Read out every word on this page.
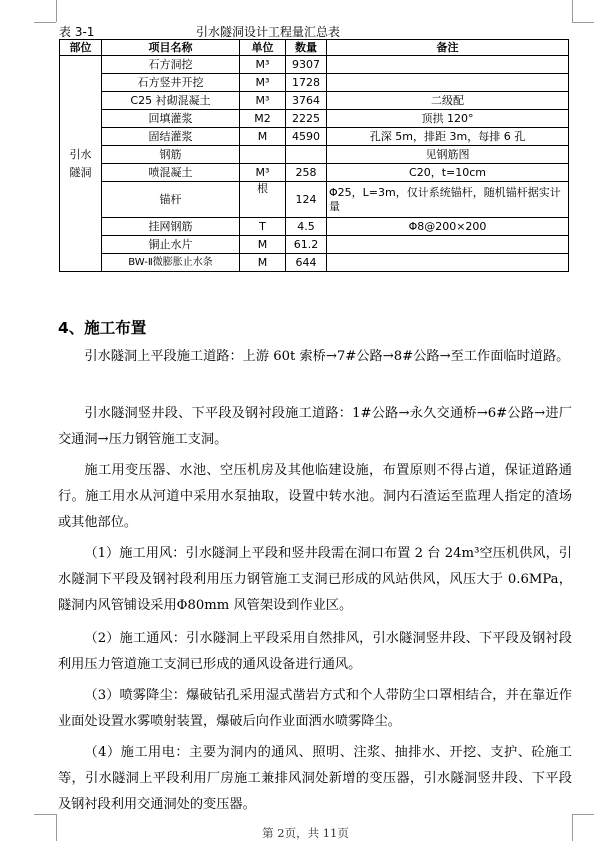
表 3-1	引水隧洞设计工程量汇总表
部位	项目名称	单位	数量	备注
引水隧洞	石方洞挖	M³	9307	
	石方竖井开挖	M³	1728	
	C25 衬砌混凝土	M³	3764	二级配
	回填灌浆	M2	2225	顶拱 120°
	固结灌浆	M	4590	孔深 5m，排距 3m，每排 6 孔
	钢筋			见钢筋图
	喷混凝土	M³	258	C20，t=10cm
	锚杆	根	124	Φ25，L=3m，仅计系统锚杆，随机锚杆据实计量
	挂网钢筋	T	4.5	Φ8@200×200
	铜止水片	M	61.2	
	BW-Ⅱ微膨胀止水条	M	644	
4、施工布置

引水隧洞上平段施工道路：上游 60t 索桥→7#公路→8#公路→至工作面临时道路。

引水隧洞竖井段、下平段及钢衬段施工道路：1#公路→永久交通桥→6#公路→进厂交通洞→压力钢管施工支洞。

施工用变压器、水池、空压机房及其他临建设施，布置原则不得占道，保证道路通行。施工用水从河道中采用水泵抽取，设置中转水池。洞内石渣运至监理人指定的渣场或其他部位。

（1）施工用风：引水隧洞上平段和竖井段需在洞口布置 2 台 24m³空压机供风，引水隧洞下平段及钢衬段利用压力钢管施工支洞已形成的风站供风，风压大于 0.6MPa，隧洞内风管铺设采用Φ80mm 风管架设到作业区。

（2）施工通风：引水隧洞上平段采用自然排风，引水隧洞竖井段、下平段及钢衬段利用压力管道施工支洞已形成的通风设备进行通风。

（3）喷雾降尘：爆破钻孔采用湿式凿岩方式和个人带防尘口罩相结合，并在靠近作业面处设置水雾喷射装置，爆破后向作业面洒水喷雾降尘。

（4）施工用电：主要为洞内的通风、照明、注浆、抽排水、开挖、支护、砼施工等，引水隧洞上平段利用厂房施工兼排风洞处新增的变压器，引水隧洞竖井段、下平段及钢衬段利用交通洞处的变压器。

第 2页，共 11页
